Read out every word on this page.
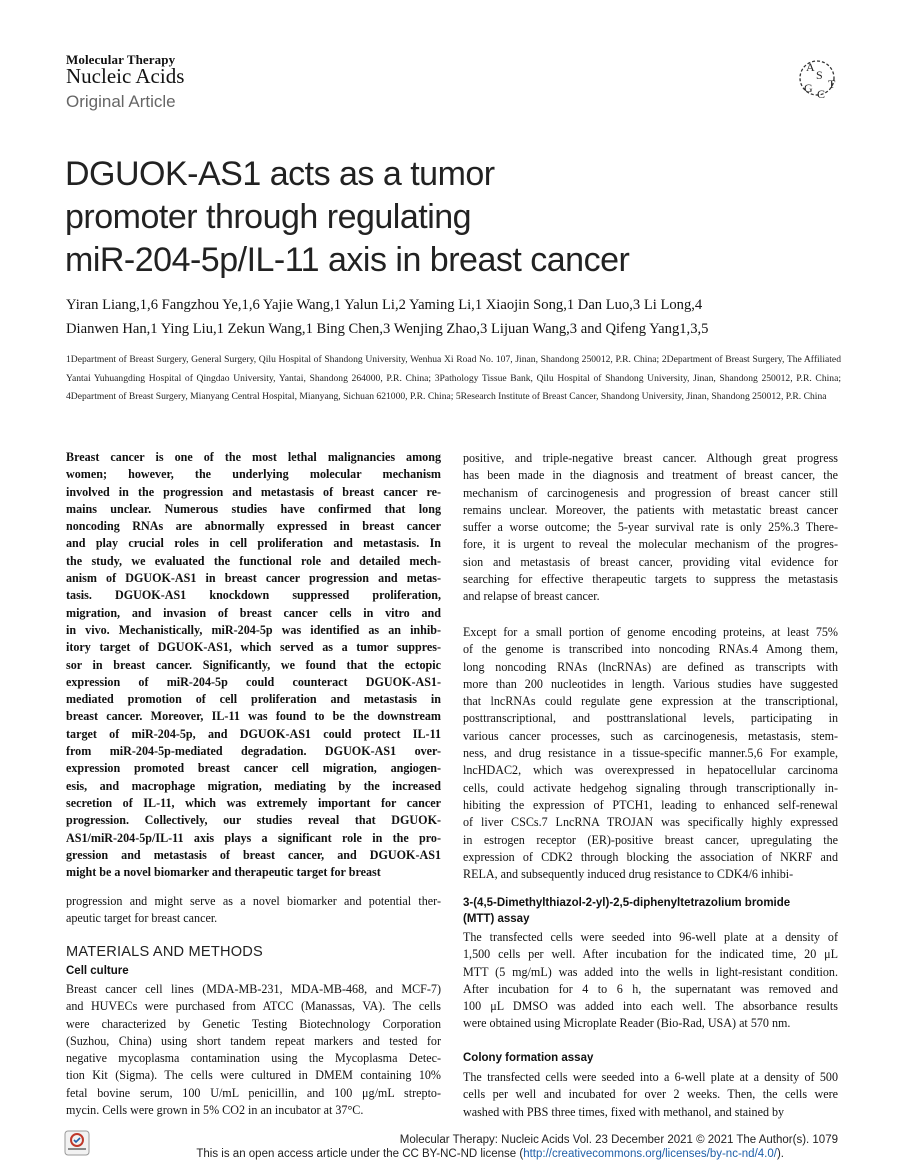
Molecular Therapy
Nucleic Acids
Original Article
A
S
G C
T
DGUOK-AS1 acts as a tumor
promoter through regulating
miR-204-5p/IL-11 axis in breast cancer
Yiran Liang,1,6 Fangzhou Ye,1,6 Yajie Wang,1 Yalun Li,2 Yaming Li,1 Xiaojin Song,1 Dan Luo,3 Li Long,4
Dianwen Han,1 Ying Liu,1 Zekun Wang,1 Bing Chen,3 Wenjing Zhao,3 Lijuan Wang,3 and Qifeng Yang1,3,5
1Department of Breast Surgery, General Surgery, Qilu Hospital of Shandong University, Wenhua Xi Road No. 107, Jinan, Shandong 250012, P.R. China; 2Department of Breast Surgery, The Affiliated Yantai Yuhuangding Hospital of Qingdao University, Yantai, Shandong 264000, P.R. China; 3Pathology Tissue Bank, Qilu Hospital of Shandong University, Jinan, Shandong 250012, P.R. China; 4Department of Breast Surgery, Mianyang Central Hospital, Mianyang, Sichuan 621000, P.R. China; 5Research Institute of Breast Cancer, Shandong University, Jinan, Shandong 250012, P.R. China
Breast cancer is one of the most lethal malignancies among
women; however, the underlying molecular mechanism
involved in the progression and metastasis of breast cancer re-
mains unclear. Numerous studies have confirmed that long
noncoding RNAs are abnormally expressed in breast cancer
and play crucial roles in cell proliferation and metastasis. In
the study, we evaluated the functional role and detailed mech-
anism of DGUOK-AS1 in breast cancer progression and metas-
tasis. DGUOK-AS1 knockdown suppressed proliferation,
migration, and invasion of breast cancer cells in vitro and
in vivo. Mechanistically, miR-204-5p was identified as an inhib-
itory target of DGUOK-AS1, which served as a tumor suppres-
sor in breast cancer. Significantly, we found that the ectopic
expression of miR-204-5p could counteract DGUOK-AS1-
mediated promotion of cell proliferation and metastasis in
breast cancer. Moreover, IL-11 was found to be the downstream
target of miR-204-5p, and DGUOK-AS1 could protect IL-11
from miR-204-5p-mediated degradation. DGUOK-AS1 over-
expression promoted breast cancer cell migration, angiogen-
esis, and macrophage migration, mediating by the increased
secretion of IL-11, which was extremely important for cancer
progression. Collectively, our studies reveal that DGUOK-
AS1/miR-204-5p/IL-11 axis plays a significant role in the pro-
gression and metastasis of breast cancer, and DGUOK-AS1
might be a novel biomarker and therapeutic target for breast
progression and might serve as a novel biomarker and potential ther-
apeutic target for breast cancer.
MATERIALS AND METHODS
Cell culture
Breast cancer cell lines (MDA-MB-231, MDA-MB-468, and MCF-7)
and HUVECs were purchased from ATCC (Manassas, VA). The cells
were characterized by Genetic Testing Biotechnology Corporation
(Suzhou, China) using short tandem repeat markers and tested for
negative mycoplasma contamination using the Mycoplasma Detec-
tion Kit (Sigma). The cells were cultured in DMEM containing 10%
fetal bovine serum, 100 U/mL penicillin, and 100 μg/mL strepto-
mycin. Cells were grown in 5% CO2 in an incubator at 37°C.
positive, and triple-negative breast cancer. Although great progress
has been made in the diagnosis and treatment of breast cancer, the
mechanism of carcinogenesis and progression of breast cancer still
remains unclear. Moreover, the patients with metastatic breast cancer
suffer a worse outcome; the 5-year survival rate is only 25%.3 There-
fore, it is urgent to reveal the molecular mechanism of the progres-
sion and metastasis of breast cancer, providing vital evidence for
searching for effective therapeutic targets to suppress the metastasis
and relapse of breast cancer.
Except for a small portion of genome encoding proteins, at least 75%
of the genome is transcribed into noncoding RNAs.4 Among them,
long noncoding RNAs (lncRNAs) are defined as transcripts with
more than 200 nucleotides in length. Various studies have suggested
that lncRNAs could regulate gene expression at the transcriptional,
posttranscriptional, and posttranslational levels, participating in
various cancer processes, such as carcinogenesis, metastasis, stem-
ness, and drug resistance in a tissue-specific manner.5,6 For example,
lncHDAC2, which was overexpressed in hepatocellular carcinoma
cells, could activate hedgehog signaling through transcriptionally in-
hibiting the expression of PTCH1, leading to enhanced self-renewal
of liver CSCs.7 LncRNA TROJAN was specifically highly expressed
in estrogen receptor (ER)-positive breast cancer, upregulating the
expression of CDK2 through blocking the association of NKRF and
RELA, and subsequently induced drug resistance to CDK4/6 inhibi-
3-(4,5-Dimethylthiazol-2-yl)-2,5-diphenyltetrazolium bromide
(MTT) assay
The transfected cells were seeded into 96-well plate at a density of
1,500 cells per well. After incubation for the indicated time, 20 μL
MTT (5 mg/mL) was added into the wells in light-resistant condition.
After incubation for 4 to 6 h, the supernatant was removed and
100 μL DMSO was added into each well. The absorbance results
were obtained using Microplate Reader (Bio-Rad, USA) at 570 nm.
Colony formation assay
The transfected cells were seeded into a 6-well plate at a density of 500
cells per well and incubated for over 2 weeks. Then, the cells were
washed with PBS three times, fixed with methanol, and stained by
Molecular Therapy: Nucleic Acids Vol. 23 December 2021 © 2021 The Author(s). 1079
This is an open access article under the CC BY-NC-ND license (http://creativecommons.org/licenses/by-nc-nd/4.0/).
